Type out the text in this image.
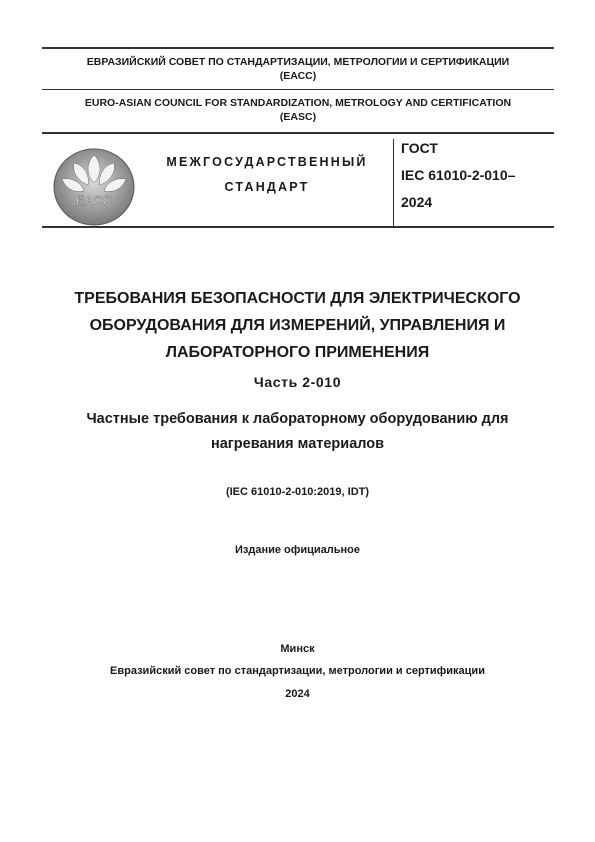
ЕВРАЗИЙСКИЙ СОВЕТ ПО СТАНДАРТИЗАЦИИ, МЕТРОЛОГИИ И СЕРТИФИКАЦИИ
(ЕАСС)
EURO-ASIAN COUNCIL FOR STANDARDIZATION, METROLOGY AND CERTIFICATION
(EASC)
EACC
МЕЖГОСУДАРСТВЕННЫЙ
СТАНДАРТ
ГОСТ
IEC 61010-2-010–
2024
ТРЕБОВАНИЯ БЕЗОПАСНОСТИ ДЛЯ ЭЛЕКТРИЧЕСКОГО
ОБОРУДОВАНИЯ ДЛЯ ИЗМЕРЕНИЙ, УПРАВЛЕНИЯ И
ЛАБОРАТОРНОГО ПРИМЕНЕНИЯ
Часть 2-010
Частные требования к лабораторному оборудованию для
нагревания материалов
(IEC 61010-2-010:2019, IDT)
Издание официальное
Минск
Евразийский совет по стандартизации, метрологии и сертификации
2024
